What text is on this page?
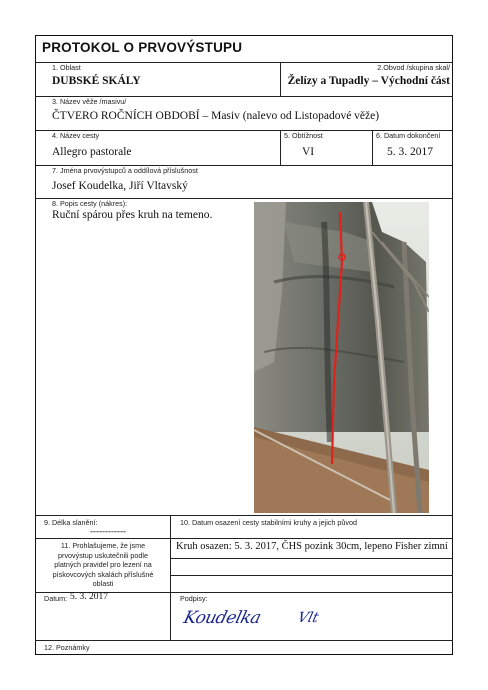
PROTOKOL O PRVOVÝSTUPU
1. Oblast
DUBSKÉ SKÁLY
2.Obvod /skupina skal/
Želízy a Tupadly – Východní část
3. Název věže /masivu/
ČTVERO ROČNÍCH OBDOBÍ – Masiv (nalevo od Listopadové věže)
4. Název cesty
Allegro pastorale
5. Obtížnost
VI
6. Datum dokončení
5. 3. 2017
7. Jména prvovýstupců a oddílová příslušnost
Josef Koudelka, Jiří Vltavský
8. Popis cesty (nákres):
Ruční spárou přes kruh na temeno.
9. Délka slanění:
------------
10. Datum osazení cesty stabilními kruhy a jejich původ
Kruh osazen: 5. 3. 2017, ČHS pozink 30cm, lepeno Fisher zimní
11. Prohlašujeme, že jsme prvovýstup uskutečnili podle platných pravidel pro lezení na pískovcových skalách příslušné oblasti
Datum: 5. 3. 2017	Podpisy:
Koudelka Vlt
12. Poznámky
